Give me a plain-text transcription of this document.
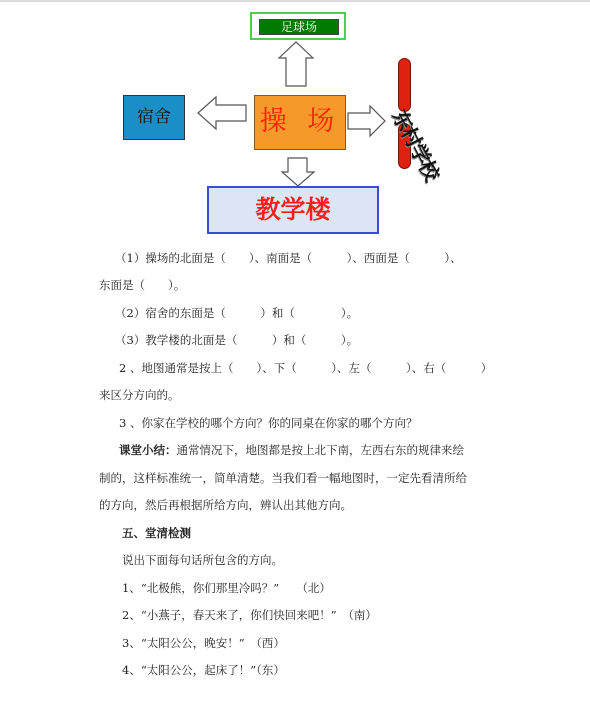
足球场
宿舍	操 场
教学楼
东村学校
（1）操场的北面是（　　）、南面是（　　　）、西面是（　　　）、
东面是（　　）。
（2）宿舍的东面是（　　　）和（　　　　）。
（3）教学楼的北面是（　　　）和（　　　）。
2 、地图通常是按上（　　）、下（　　　）、左（　　　）、右（　　　）
来区分方向的。
3 、你家在学校的哪个方向？你的同桌在你家的哪个方向？
课堂小结：通常情况下，地图都是按上北下南，左西右东的规律来绘
制的，这样标准统一，简单清楚。当我们看一幅地图时，一定先看清所给
的方向，然后再根据所给方向，辨认出其他方向。
五、堂清检测
说出下面每句话所包含的方向。
1、“北极熊，你们那里冷吗？”　　（北）
2、“小燕子，春天来了，你们快回来吧！”　（南）
3、“太阳公公，晚安！”　（西）
4、“太阳公公，起床了！”（东）
